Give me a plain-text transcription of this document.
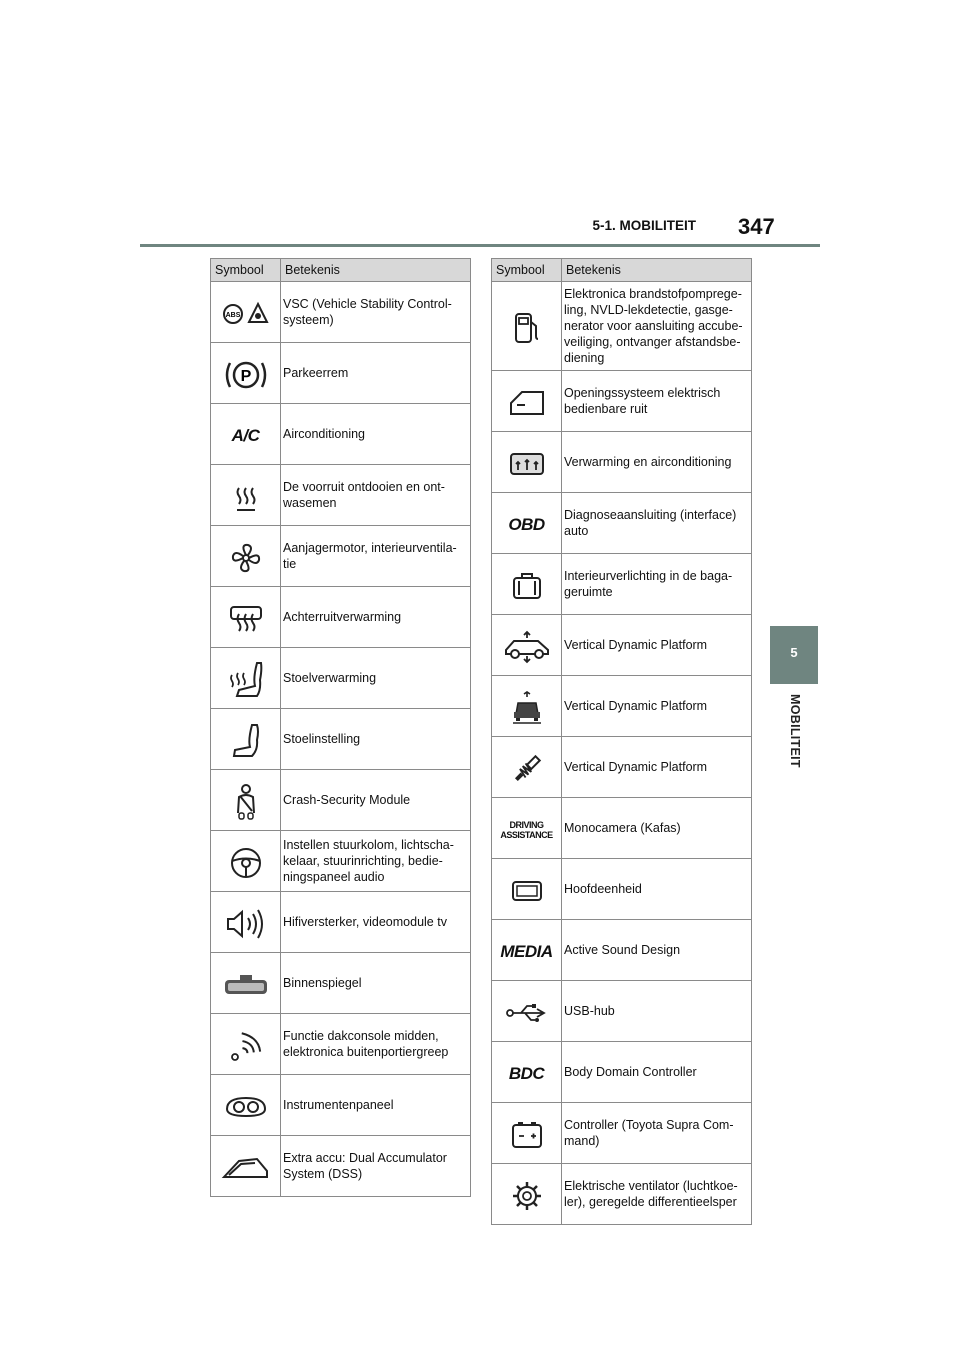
5-1. MOBILITEIT 347
5
MOBILITEIT
Symbool	Betekenis

ABS	VSC (Vehicle Stability Control-systeem)

P	Parkeerrem
A/C	Airconditioning
	De voorruit ontdooien en ont-wasemen
	Aanjagermotor, interieurventila-tie
	Achterruitverwarming
	Stoelverwarming
	Stoelinstelling
	Crash-Security Module
	Instellen stuurkolom, lichtscha-kelaar, stuurinrichting, bedie-ningspaneel audio
	Hifiversterker, videomodule tv
	Binnenspiegel
	Functie dakconsole midden, elektronica buitenportiergreep
	Instrumentenpaneel
	Extra accu: Dual Accumulator System (DSS)
Symbool	Betekenis
	Elektronica brandstofpomprege-ling, NVLD-lekdetectie, gasge-nerator voor aansluiting accube-veiliging, ontvanger afstandsbe-diening
	Openingssysteem elektrisch bedienbare ruit
	Verwarming en airconditioning
OBD	Diagnoseaansluiting (interface) auto
	Interieurverlichting in de baga-geruimte
	Vertical Dynamic Platform
	Vertical Dynamic Platform
	Vertical Dynamic Platform
DRIVING ASSISTANCE	Monocamera (Kafas)
	Hoofdeenheid
MEDIA	Active Sound Design
	USB-hub
BDC	Body Domain Controller
	Controller (Toyota Supra Com-mand)
	Elektrische ventilator (luchtkoe-ler), geregelde differentieelsper
